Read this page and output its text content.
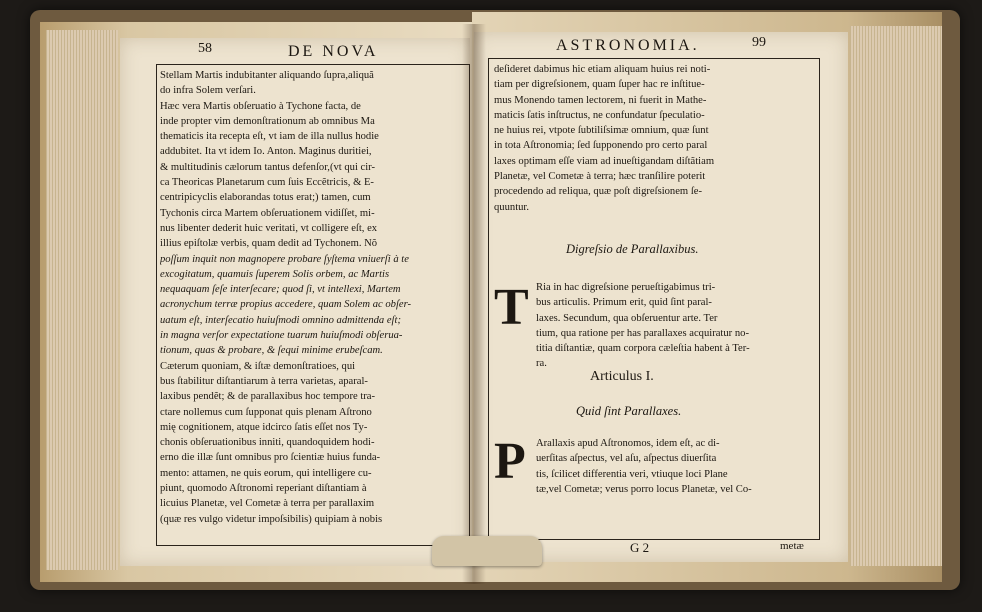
58	DE NOVA
Stellam Martis indubitanter aliquando ſupra,aliquã
do infra Solem verſari.
Hæc vera Martis obſeruatio à Tychone facta, de
inde propter vim demonſtrationum ab omnibus Ma
thematicis ita recepta eſt, vt iam de illa nullus hodie
addubitet. Ita vt idem Io. Anton. Maginus duritiei,
& multitudinis cælorum tantus defenſor,(vt qui cir-
ca Theoricas Planetarum cum ſuis Eccẽtricis, & E-
centripicyclis elaborandas totus erat;) tamen, cum
Tychonis circa Martem obſeruationem vidiſſet, mi-
nus libenter dederit huic veritati, vt colligere eſt, ex
illius epiſtolæ verbis, quam dedit ad Tychonem. Nõ
poſſum inquit non magnopere probare ſyſtema vniuerſi à te
excogitatum, quamuis ſuperem Solis orbem, ac Martis
nequaquam ſeſe interſecare; quod ſi, vt intellexi, Martem
acronychum terræ propius accedere, quam Solem ac obſer-
uatum eſt, interſecatio huiuſmodi omnino admittenda eſt;
in magna verſor expectatione tuarum huiuſmodi obſerua-
tionum, quas & probare, & ſequi minime erubeſcam.
Cæterum quoniam, & iſtæ demonſtratioes, qui
bus ſtabilitur diſtantiarum à terra varietas, aparal-
laxibus pendẽt; & de parallaxibus hoc tempore tra-
ctare nollemus cum ſupponat quis plenam Aſtrono
mię cognitionem, atque idcirco ſatis eſſet nos Ty-
chonis obſeruationibus inniti, quandoquidem hodi-
erno die illæ ſunt omnibus pro ſcientiæ huius funda-
mento: attamen, ne quis eorum, qui intelligere cu-
piunt, quomodo Aſtronomi reperiant diſtantiam à
licuius Planetæ, vel Cometæ à terra per parallaxim
(quæ res vulgo videtur impoſsibilis) quipiam à nobis
ASTRONOMIA.	99
deſideret dabimus hic etiam aliquam huius rei noti-
tiam per digreſsionem, quam ſuper hac re inſtitue-
mus Monendo tamen lectorem, ni fuerit in Mathe-
maticis ſatis inſtructus, ne confundatur ſpeculatio-
ne huius rei, vtpote ſubtiliſsimæ omnium, quæ ſunt
in tota Aſtronomia; ſed ſupponendo pro certo paral
laxes optimam eſſe viam ad inueſtigandam diſtãtiam
Planetæ, vel Cometæ à terra; hæc tranſilire poterit
procedendo ad reliqua, quæ poſt digreſsionem ſe-
quuntur.
Digreſsio de Parallaxibus.
T Ria in hac digreſsione perueſtigabimus tri-
bus articulis. Primum erit, quid ſint paral-
laxes. Secundum, qua obſeruentur arte. Ter
tium, qua ratione per has parallaxes acquiratur no-
titia diſtantiæ, quam corpora cæleſtia habent à Ter-
ra.
Articulus I.
Quid ſint Parallaxes.
P Arallaxis apud Aſtronomos, idem eſt, ac di-
uerſitas aſpectus, vel aſu, aſpectus diuerſita
tis, ſcilicet differentia veri, vtiuque loci Plane
tæ,vel Cometæ; verus porro locus Planetæ, vel Co-
G 2	metæ
